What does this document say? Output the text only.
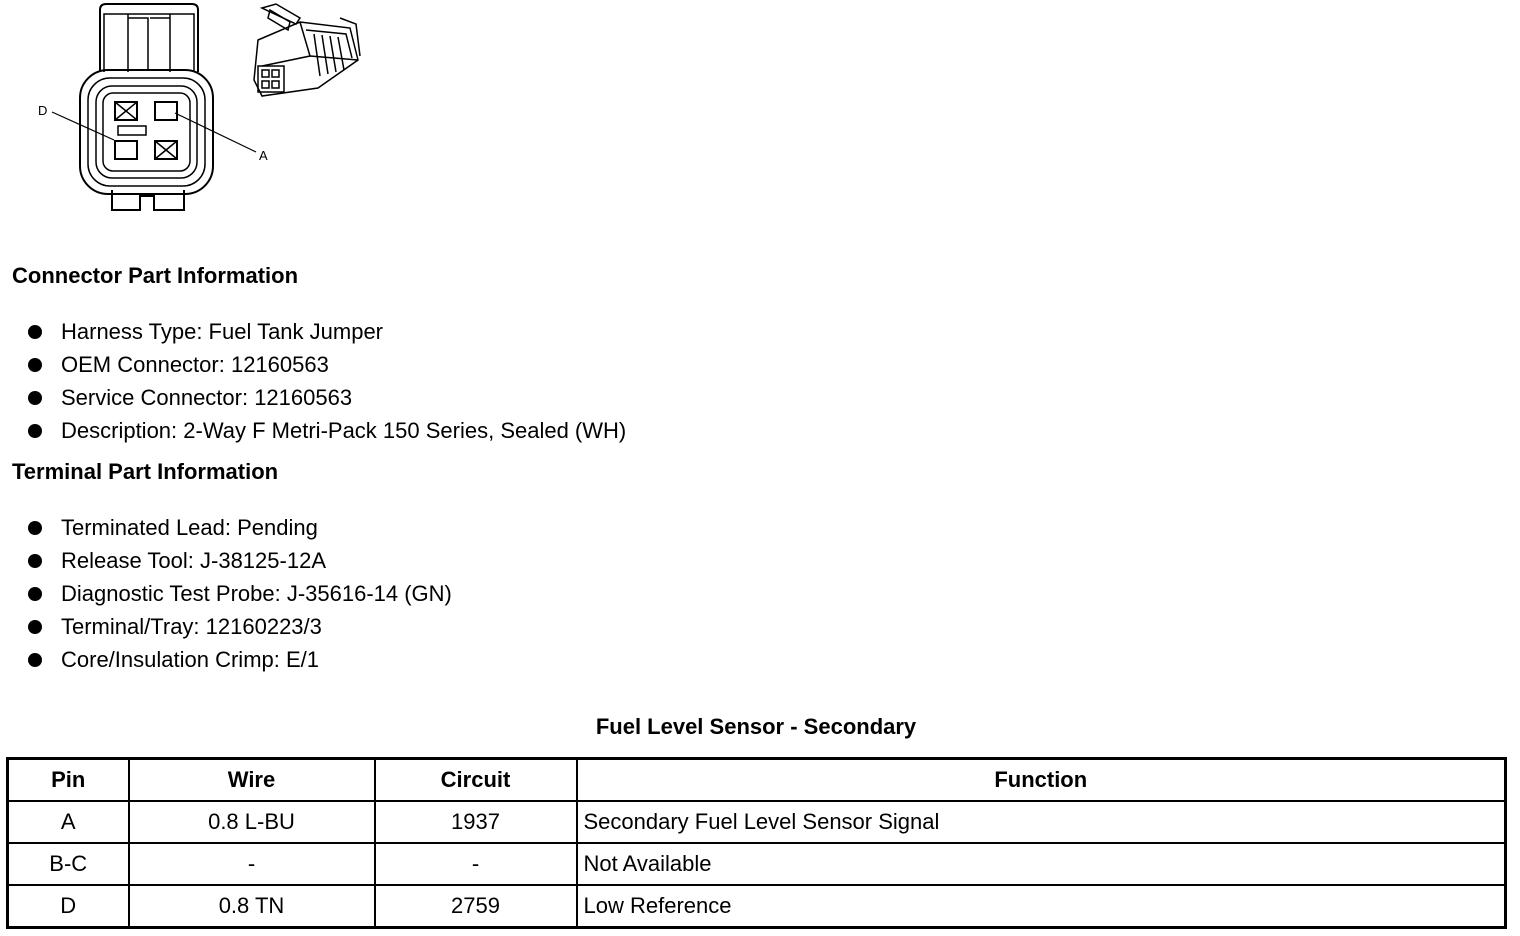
D
A
Connector Part Information
Harness Type: Fuel Tank Jumper
OEM Connector: 12160563
Service Connector: 12160563
Description: 2-Way F Metri-Pack 150 Series, Sealed (WH)
Terminal Part Information
Terminated Lead: Pending
Release Tool: J-38125-12A
Diagnostic Test Probe: J-35616-14 (GN)
Terminal/Tray: 12160223/3
Core/Insulation Crimp: E/1
Fuel Level Sensor - Secondary
Pin	Wire	Circuit	Function
A	0.8 L-BU	1937	Secondary Fuel Level Sensor Signal
B-C	-	-	Not Available
D	0.8 TN	2759	Low Reference
